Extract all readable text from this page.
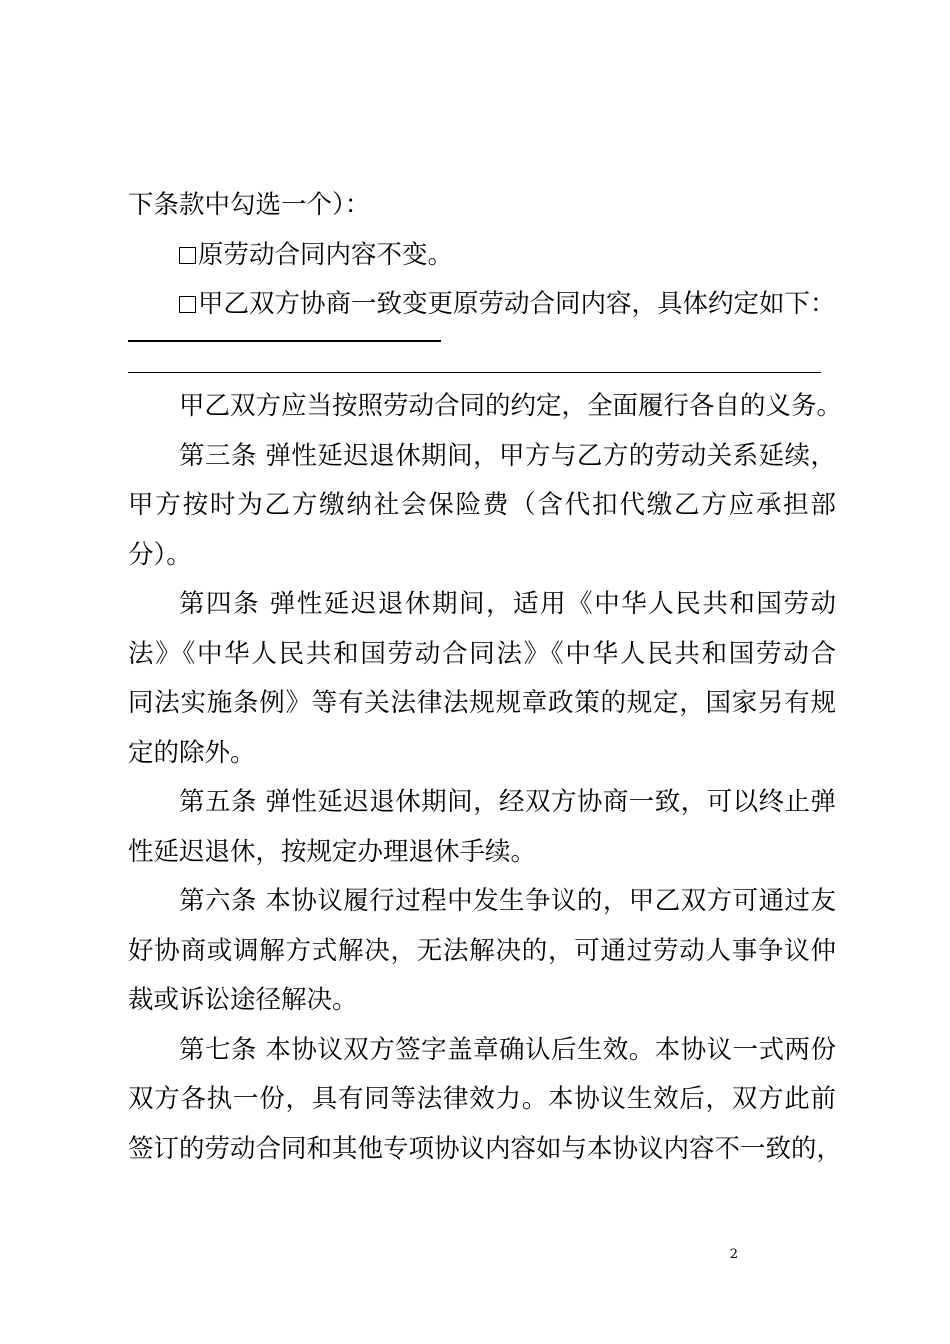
下条款中勾选一个）：

原劳动合同内容不变。

甲乙双方协商一致变更原劳动合同内容，具体约定如下：

甲乙双方应当按照劳动合同的约定，全面履行各自的义务。

第三条 弹性延迟退休期间，甲方与乙方的劳动关系延续，

甲方按时为乙方缴纳社会保险费（含代扣代缴乙方应承担部

分）。

第四条 弹性延迟退休期间，适用《中华人民共和国劳动

法》《中华人民共和国劳动合同法》《中华人民共和国劳动合

同法实施条例》等有关法律法规规章政策的规定，国家另有规

定的除外。

第五条 弹性延迟退休期间，经双方协商一致，可以终止弹

性延迟退休，按规定办理退休手续。

第六条 本协议履行过程中发生争议的，甲乙双方可通过友

好协商或调解方式解决，无法解决的，可通过劳动人事争议仲

裁或诉讼途径解决。

第七条 本协议双方签字盖章确认后生效。本协议一式两份

双方各执一份，具有同等法律效力。本协议生效后，双方此前

签订的劳动合同和其他专项协议内容如与本协议内容不一致的，

2
